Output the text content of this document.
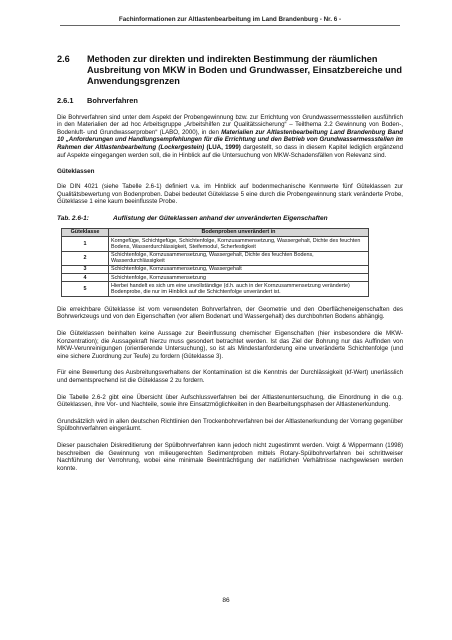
Fachinformationen zur Altlastenbearbeitung im Land Brandenburg - Nr. 6 -
2.6	Methoden zur direkten und indirekten Bestimmung der räumlichen Ausbreitung von MKW in Boden und Grundwasser, Einsatzbereiche und Anwendungsgrenzen
2.6.1	Bohrverfahren

Die Bohrverfahren sind unter dem Aspekt der Probengewinnung bzw. zur Errichtung von Grundwassermessstellen ausführlich in den Materialien der ad hoc Arbeitsgruppe „Arbeitshilfen zur Qualitätssicherung“ – Teilthema 2.2 Gewinnung von Boden-, Bodenluft- und Grundwasserproben“ (LABO, 2000), in den Materialien zur Altlastenbearbeitung Land Brandenburg Band 10 „Anforderungen und Handlungsempfehlungen für die Errichtung und den Betrieb von Grundwassermessstellen im Rahmen der Altlastenbearbeitung (Lockergestein) (LUA, 1999) dargestellt, so dass in diesem Kapitel lediglich ergänzend auf Aspekte eingegangen werden soll, die in Hinblick auf die Untersuchung von MKW-Schadensfällen von Relevanz sind.

Güteklassen

Die DIN 4021 (siehe Tabelle 2.6-1) definiert v.a. im Hinblick auf bodenmechanische Kennwerte fünf Güteklassen zur Qualitätsbewertung von Bodenproben. Dabei bedeutet Güteklasse 5 eine durch die Probengewinnung stark veränderte Probe, Güteklasse 1 eine kaum beeinflusste Probe.

Tab. 2.6-1:	Auflistung der Güteklassen anhand der unveränderten Eigenschaften
Güteklasse	Bodenproben unverändert in
1	Korngefüge, Schichtgefüge, Schichtenfolge, Kornzusammensetzung, Wassergehalt, Dichte des feuchten Bodens, Wasserdurchlässigkeit, Steifemodul, Scherfestigkeit
2	Schichtenfolge, Kornzusammensetzung, Wassergehalt, Dichte des feuchten Bodens, Wasserdurchlässigkeit
3	Schichtenfolge, Kornzusammensetzung, Wassergehalt
4	Schichtenfolge, Kornzusammensetzung
5	Hierbei handelt es sich um eine unvollständige (d.h. auch in der Kornzusammensetzung veränderte) Bodenprobe, die nur im Hinblick auf die Schichtenfolge unverändert ist.

Die erreichbare Güteklasse ist vom verwendeten Bohrverfahren, der Geometrie und den Oberflächeneigenschaften des Bohrwerkzeugs und von den Eigenschaften (vor allem Bodenart und Wassergehalt) des durchbohrten Bodens abhängig.

Die Güteklassen beinhalten keine Aussage zur Beeinflussung chemischer Eigenschaften (hier insbesondere die MKW-Konzentration); die Aussagekraft hierzu muss gesondert betrachtet werden. Ist das Ziel der Bohrung nur das Auffinden von MKW-Verunreinigungen (orientierende Untersuchung), so ist als Mindestanforderung eine unveränderte Schichtenfolge (und eine sichere Zuordnung zur Teufe) zu fordern (Güteklasse 3).

Für eine Bewertung des Ausbreitungsverhaltens der Kontamination ist die Kenntnis der Durchlässigkeit (kf-Wert) unerlässlich und dementsprechend ist die Güteklasse 2 zu fordern.

Die Tabelle 2.6-2 gibt eine Übersicht über Aufschlussverfahren bei der Altlastenuntersuchung, die Einordnung in die o.g. Güteklassen, ihre Vor- und Nachteile, sowie ihre Einsatzmöglichkeiten in den Bearbeitungsphasen der Altlastenerkundung.

Grundsätzlich wird in allen deutschen Richtlinien den Trockenbohrverfahren bei der Altlastenerkundung der Vorrang gegenüber Spülbohrverfahren eingeräumt.

Dieser pauschalen Diskreditierung der Spülbohrverfahren kann jedoch nicht zugestimmt werden. Voigt & Wippermann (1998) beschreiben die Gewinnung von milieugerechten Sedimentproben mittels Rotary-Spülbohrverfahren bei schrittweiser Nachführung der Verrohrung, wobei eine minimale Beeinträchtigung der natürlichen Verhältnisse nachgewiesen werden konnte.

86
